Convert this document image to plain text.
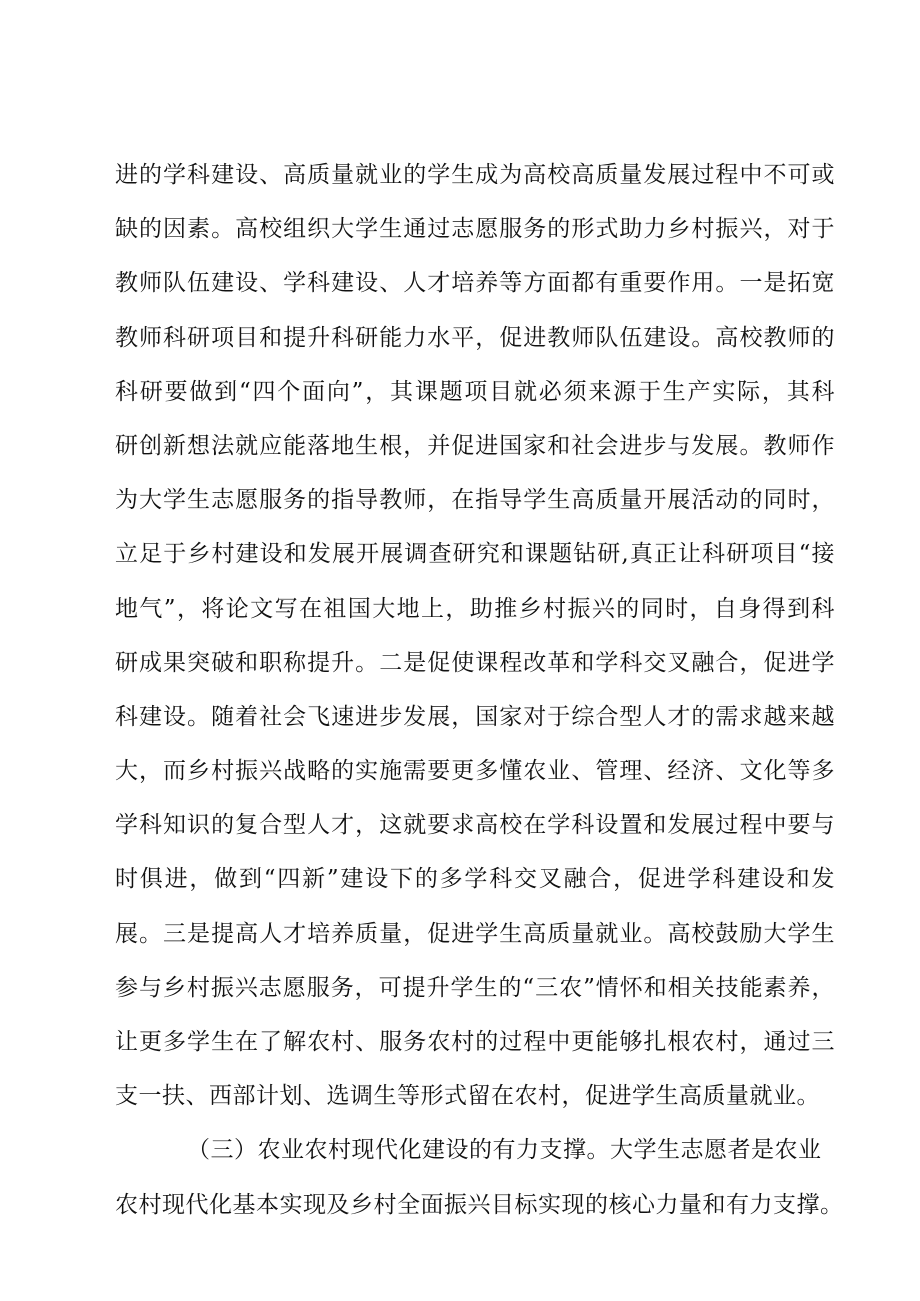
进的学科建设、高质量就业的学生成为高校高质量发展过程中不可或
缺的因素。高校组织大学生通过志愿服务的形式助力乡村振兴，对于
教师队伍建设、学科建设、人才培养等方面都有重要作用。一是拓宽
教师科研项目和提升科研能力水平，促进教师队伍建设。高校教师的
科研要做到“四个面向”，其课题项目就必须来源于生产实际，其科
研创新想法就应能落地生根，并促进国家和社会进步与发展。教师作
为大学生志愿服务的指导教师，在指导学生高质量开展活动的同时，
立足于乡村建设和发展开展调查研究和课题钻研,真正让科研项目“接
地气”，将论文写在祖国大地上，助推乡村振兴的同时，自身得到科
研成果突破和职称提升。二是促使课程改革和学科交叉融合，促进学
科建设。随着社会飞速进步发展，国家对于综合型人才的需求越来越
大，而乡村振兴战略的实施需要更多懂农业、管理、经济、文化等多
学科知识的复合型人才，这就要求高校在学科设置和发展过程中要与
时俱进，做到“四新”建设下的多学科交叉融合，促进学科建设和发
展。三是提高人才培养质量，促进学生高质量就业。高校鼓励大学生
参与乡村振兴志愿服务，可提升学生的“三农”情怀和相关技能素养，
让更多学生在了解农村、服务农村的过程中更能够扎根农村，通过三
支一扶、西部计划、选调生等形式留在农村，促进学生高质量就业。
（三）农业农村现代化建设的有力支撑。大学生志愿者是农业
农村现代化基本实现及乡村全面振兴目标实现的核心力量和有力支撑。
